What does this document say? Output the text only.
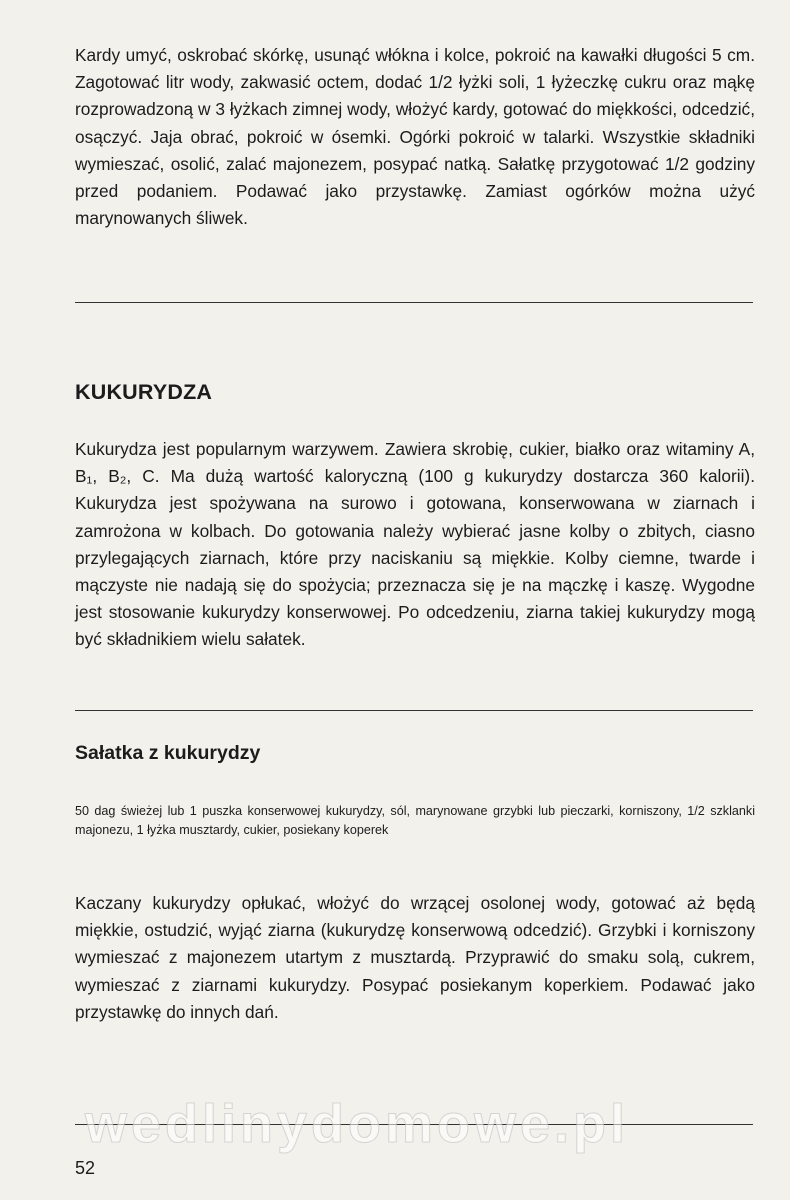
Kardy umyć, oskrobać skórkę, usunąć włókna i kolce, pokroić na kawałki długości 5 cm. Zagotować litr wody, zakwasić octem, dodać 1/2 łyżki soli, 1 łyżeczkę cukru oraz mąkę rozprowadzoną w 3 łyżkach zimnej wody, włożyć kardy, gotować do miękkości, odcedzić, osączyć. Jaja obrać, pokroić w ósemki. Ogórki pokroić w talarki. Wszystkie składniki wymieszać, osolić, zalać majonezem, posypać natką. Sałatkę przygotować 1/2 godziny przed podaniem. Podawać jako przystawkę. Zamiast ogórków można użyć marynowanych śliwek.

KUKURYDZA

Kukurydza jest popularnym warzywem. Zawiera skrobię, cukier, białko oraz witaminy A, B₁, B₂, C. Ma dużą wartość kaloryczną (100 g kukurydzy dostarcza 360 kalorii). Kukurydza jest spożywana na surowo i gotowana, konserwowana w ziarnach i zamrożona w kolbach. Do gotowania należy wybierać jasne kolby o zbitych, ciasno przylegających ziarnach, które przy naciskaniu są miękkie. Kolby ciemne, twarde i mączyste nie nadają się do spożycia; przeznacza się je na mączkę i kaszę. Wygodne jest stosowanie kukurydzy konserwowej. Po odcedzeniu, ziarna takiej kukurydzy mogą być składnikiem wielu sałatek.

Sałatka z kukurydzy

50 dag świeżej lub 1 puszka konserwowej kukurydzy, sól, marynowane grzybki lub pieczarki, korniszony, 1/2 szklanki majonezu, 1 łyżka musztardy, cukier, posiekany koperek

Kaczany kukurydzy opłukać, włożyć do wrzącej osolonej wody, gotować aż będą miękkie, ostudzić, wyjąć ziarna (kukurydzę konserwową odcedzić). Grzybki i korniszony wymieszać z majonezem utartym z musztardą. Przyprawić do smaku solą, cukrem, wymieszać z ziarnami kukurydzy. Posypać posiekanym koperkiem. Podawać jako przystawkę do innych dań.

52

wedlinydomowe.pl
